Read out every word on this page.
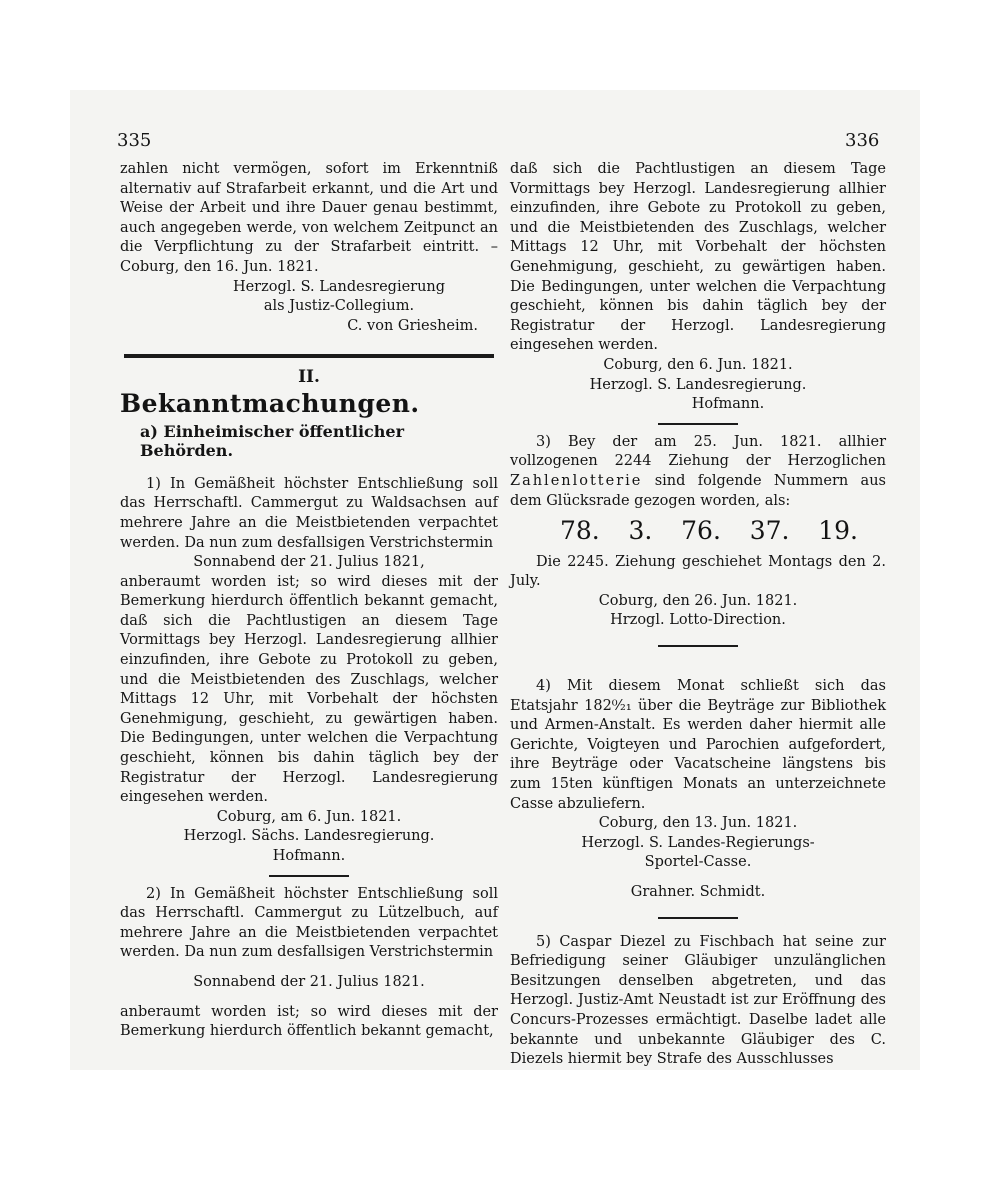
335	336

zahlen nicht vermögen, sofort im Erkenntniß alternativ auf Strafarbeit erkannt, und die Art und Weise der Arbeit und ihre Dauer genau bestimmt, auch angegeben werde, von welchem Zeitpunct an die Verpflichtung zu der Strafarbeit eintritt. – Coburg, den 16. Jun. 1821.

Herzogl. S. Landesregierung

als Justiz-Collegium.

C. von Griesheim.

II.
Bekanntmachungen.
a) Einheimischer öffentlicher Behörden.

1) In Gemäßheit höchster Entschließung soll das Herrschaftl. Cammergut zu Waldsachsen auf mehrere Jahre an die Meistbietenden verpachtet werden. Da nun zum desfallsigen Verstrichstermin

Sonnabend der 21. Julius 1821,

anberaumt worden ist; so wird dieses mit der Bemerkung hierdurch öffentlich bekannt gemacht, daß sich die Pachtlustigen an diesem Tage Vormittags bey Herzogl. Landesregierung allhier einzufinden, ihre Gebote zu Protokoll zu geben, und die Meistbietenden des Zuschlags, welcher Mittags 12 Uhr, mit Vorbehalt der höchsten Genehmigung, geschieht, zu gewärtigen haben. Die Bedingungen, unter welchen die Verpachtung geschieht, können bis dahin täglich bey der Registratur der Herzogl. Landesregierung eingesehen werden.

Coburg, am 6. Jun. 1821.

Herzogl. Sächs. Landesregierung.

Hofmann.

2) In Gemäßheit höchster Entschließung soll das Herrschaftl. Cammergut zu Lützelbuch, auf mehrere Jahre an die Meistbietenden verpachtet werden. Da nun zum desfallsigen Verstrichstermin

Sonnabend der 21. Julius 1821.

anberaumt worden ist; so wird dieses mit der Bemerkung hierdurch öffentlich bekannt gemacht,

daß sich die Pachtlustigen an diesem Tage Vormittags bey Herzogl. Landesregierung allhier einzufinden, ihre Gebote zu Protokoll zu geben, und die Meistbietenden des Zuschlags, welcher Mittags 12 Uhr, mit Vorbehalt der höchsten Genehmigung, geschieht, zu gewärtigen haben. Die Bedingungen, unter welchen die Verpachtung geschieht, können bis dahin täglich bey der Registratur der Herzogl. Landesregierung eingesehen werden.

Coburg, den 6. Jun. 1821.

Herzogl. S. Landesregierung.

Hofmann.

3) Bey der am 25. Jun. 1821. allhier vollzogenen 2244 Ziehung der Herzoglichen Zahlenlotterie sind folgende Nummern aus dem Glücksrade gezogen worden, als:

78. 3. 76. 37. 19.

Die 2245. Ziehung geschiehet Montags den 2. July.

Coburg, den 26. Jun. 1821.

Hrzogl. Lotto-Direction.

4) Mit diesem Monat schließt sich das Etatsjahr 182⁰⁄₂₁ über die Beyträge zur Bibliothek und Armen-Anstalt. Es werden daher hiermit alle Gerichte, Voigteyen und Parochien aufgefordert, ihre Beyträge oder Vacatscheine längstens bis zum 15ten künftigen Monats an unterzeichnete Casse abzuliefern.

Coburg, den 13. Jun. 1821.

Herzogl. S. Landes-Regierungs-

Sportel-Casse.

Grahner. Schmidt.

5) Caspar Diezel zu Fischbach hat seine zur Befriedigung seiner Gläubiger unzulänglichen Besitzungen denselben abgetreten, und das Herzogl. Justiz-Amt Neustadt ist zur Eröffnung des Concurs-Prozesses ermächtigt. Daselbe ladet alle bekannte und unbekannte Gläubiger des C. Diezels hiermit bey Strafe des Ausschlusses
